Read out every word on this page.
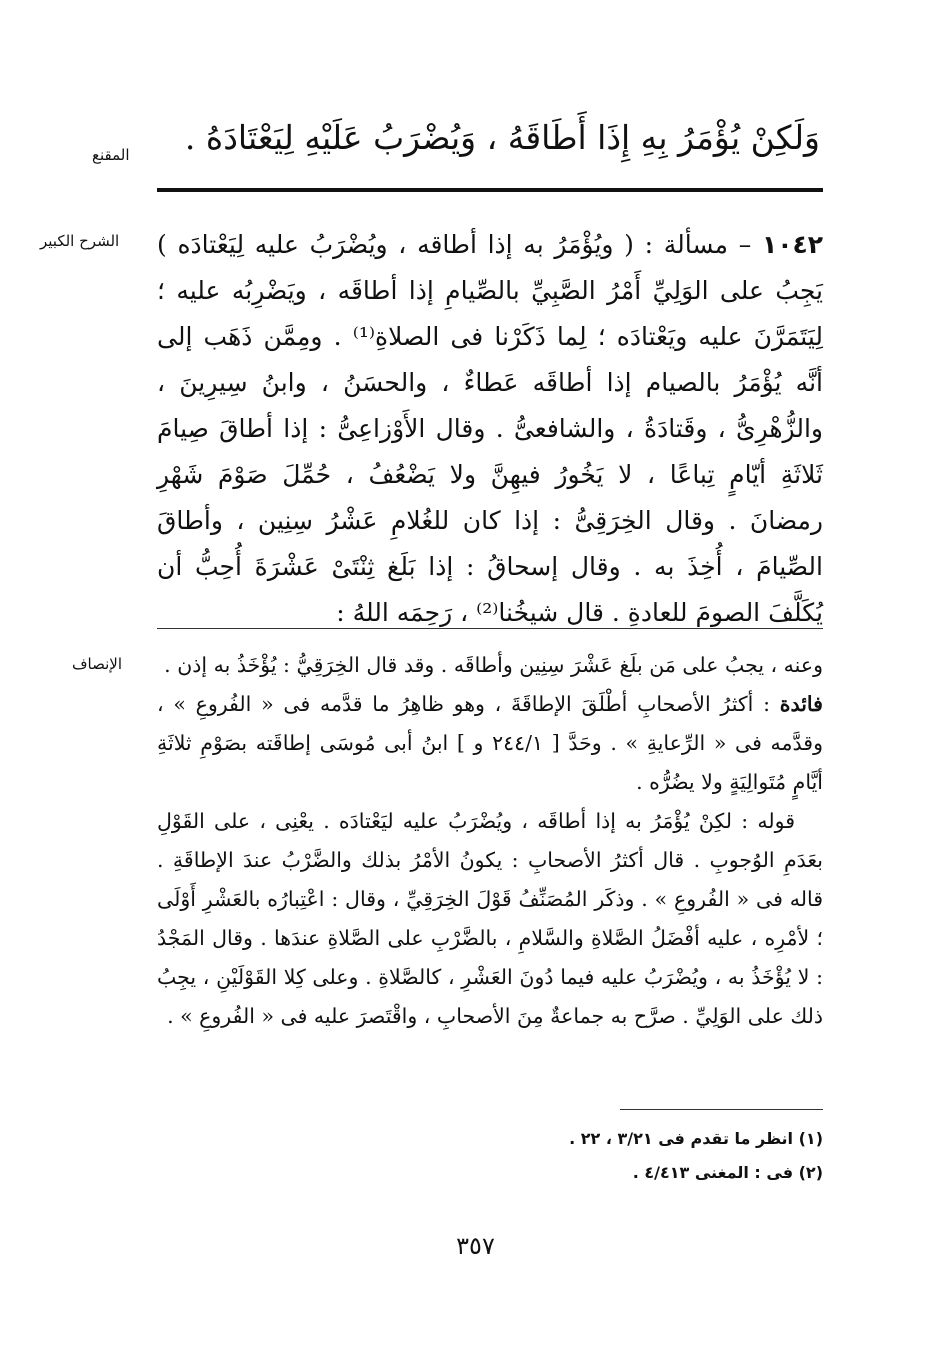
المقنع وَلَكِنْ يُؤْمَرُ بِهِ إِذَا أَطَاقَهُ ، وَيُضْرَبُ عَلَيْهِ لِيَعْتَادَهُ .
الشرح الكبير	١٠٤٢ – مسألة : ( ويُؤْمَرُ به إذا أطاقه ، ويُضْرَبُ عليه لِيَعْتادَه ) يَجِبُ على الوَلِيِّ أَمْرُ الصَّبِيِّ بالصِّيامِ إذا أطاقَه ، ويَضْرِبُه عليه ؛ لِيَتَمَرَّنَ عليه ويَعْتادَه ؛ لِما ذَكَرْنا فى الصلاةِ⁽¹⁾ . ومِمَّن ذَهَب إلى أنَّه يُؤْمَرُ بالصيام إذا أطاقَه عَطاءٌ ، والحسَنُ ، وابنُ سِيرِينَ ، والزُّهْرِىُّ ، وقَتادَةُ ، والشافعىُّ . وقال الأَوْزاعِىُّ : إذا أطاقَ صِيامَ ثَلاثَةِ أيّامٍ تِباعًا ، لا يَخُورُ فيهِنَّ ولا يَضْعُفُ ، حُمِّلَ صَوْمَ شَهْرِ رمضانَ . وقال الخِرَقِىُّ : إذا كان للغُلامِ عَشْرُ سِنِين ، وأطاقَ الصِّيامَ ، أُخِذَ به . وقال إسحاقُ : إذا بَلَغ ثِنْتَىْ عَشْرَةَ أُحِبُّ أن يُكَلَّفَ الصومَ للعادةِ . قال شيخُنا⁽²⁾ ، رَحِمَه اللهُ :
الإنصاف	وعنه ، يجبُ على مَن بلَغ عَشْرَ سِنِين وأطاقَه . وقد قال الخِرَقِيُّ : يُؤْخَذُ به إذن .

فائدة : أكثرُ الأصحابِ أطْلَقَ الإطاقَةَ ، وهو ظاهِرُ ما قدَّمه فى « الفُروعِ » ، وقدَّمه فى « الرِّعايةِ » . وحَدَّ [ ٢٤٤/١ و ] ابنُ أبى مُوسَى إطاقَته بصَوْمِ ثلاثَةِ أيَّامٍ مُتَوالِيَةٍ ولا يضُرُّه .

قوله : لكِنْ يُؤْمَرُ به إذا أطاقَه ، ويُضْرَبُ عليه ليَعْتادَه . يعْنِى ، على القَوْلِ بعَدَمِ الوُجوبِ . قال أكثرُ الأصحابِ : يكونُ الأمْرُ بذلك والضَّرْبُ عندَ الإطاقَةِ . قاله فى « الفُروعِ » . وذكَر المُصَنِّفُ قَوْلَ الخِرَقِيِّ ، وقال : اعْتِبارُه بالعَشْرِ أَوْلَى ؛ لأمْرِه ، عليه أفْضَلُ الصَّلاةِ والسَّلامِ ، بالضَّرْبِ على الصَّلاةِ عندَها . وقال المَجْدُ : لا يُؤْخَذُ به ، ويُضْرَبُ عليه فيما دُونَ العَشْرِ ، كالصَّلاةِ . وعلى كِلا القَوْلَيْنِ ، يجِبُ ذلك على الوَلِيِّ . صرَّح به جماعةٌ مِنَ الأصحابِ ، واقْتَصرَ عليه فى « الفُروعِ » .

(١) انظر ما تقدم فى ٣/٢١ ، ٢٢ .
(٢) فى : المغنى ٤/٤١٣ .
٣٥٧
